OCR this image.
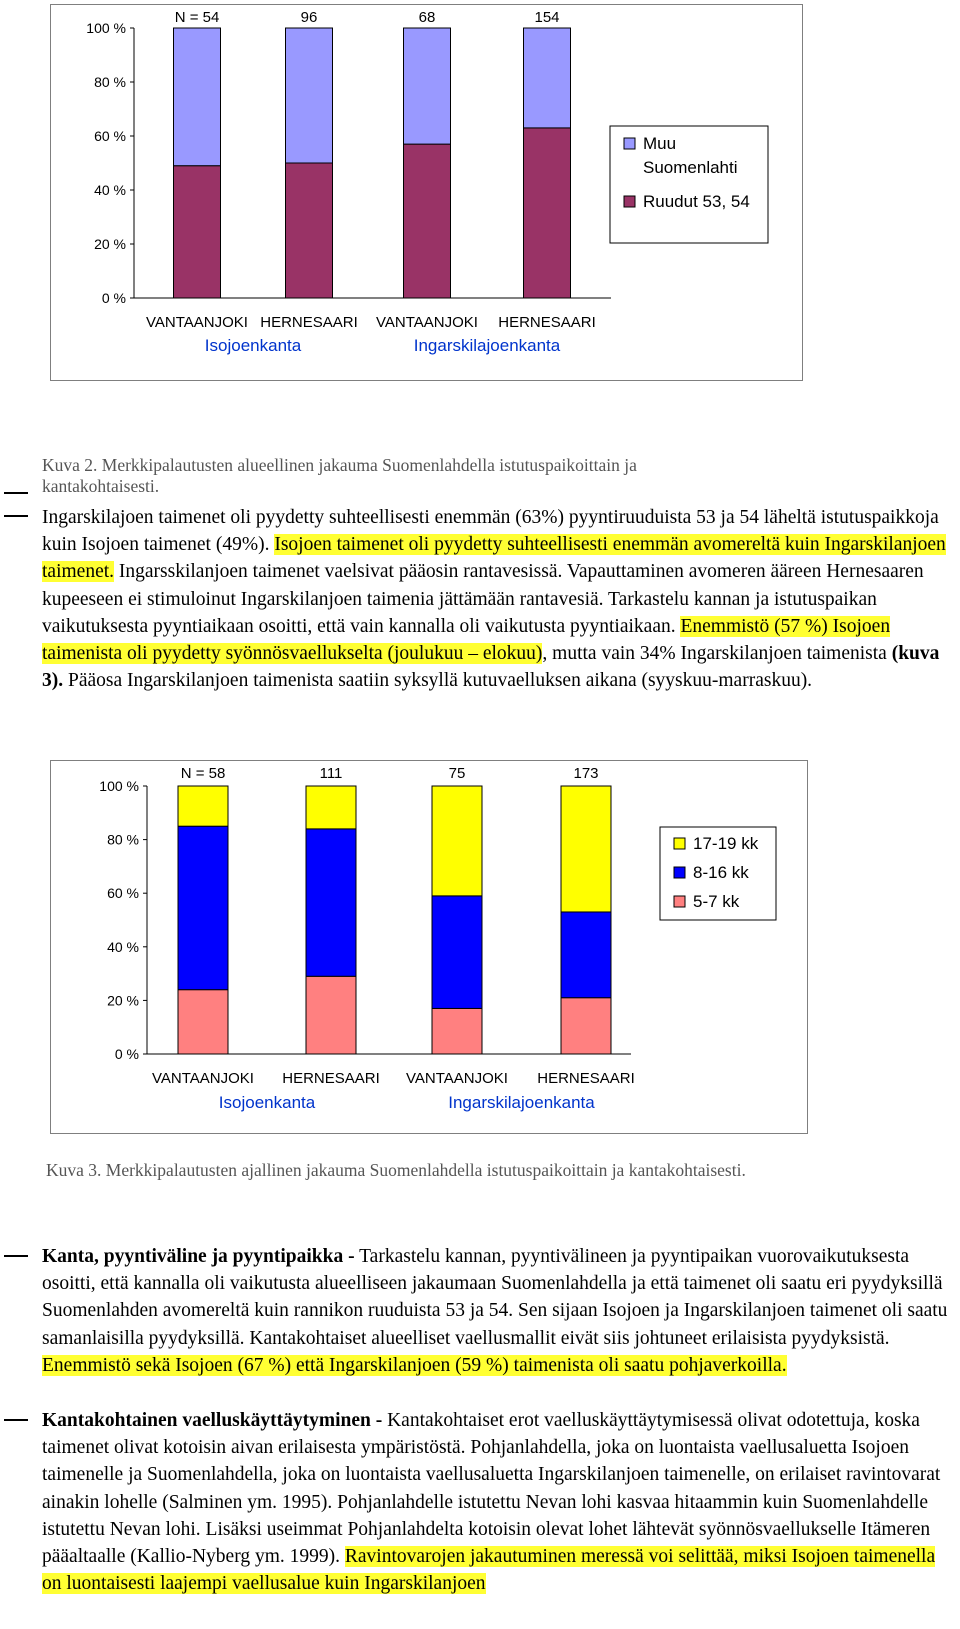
0 %
20 %
40 %
60 %
80 %
100 %
N = 54
VANTAANJOKI
96
HERNESAARI
68
VANTAANJOKI
154
HERNESAARI
Isojoenkanta	Ingarskilajoenkanta
Muu
Suomenlahti
Ruudut 53, 54
Kuva 2. Merkkipalautusten alueellinen jakauma Suomenlahdella istutuspaikoittain ja
kantakohtaisesti.
Ingarskilajoen taimenet oli pyydetty suhteellisesti enemmän (63%) pyyntiruuduista 53 ja 54 läheltä istutuspaikkoja kuin Isojoen taimenet (49%). Isojoen taimenet oli pyydetty suhteellisesti enemmän avomereltä kuin Ingarskilanjoen taimenet. Ingarsskilanjoen taimenet vaelsivat pääosin rantavesissä. Vapauttaminen avomeren ääreen Hernesaaren kupeeseen ei stimuloinut Ingarskilanjoen taimenia jättämään rantavesiä. Tarkastelu kannan ja istutuspaikan vaikutuksesta pyyntiaikaan osoitti, että vain kannalla oli vaikutusta pyyntiaikaan. Enemmistö (57 %) Isojoen taimenista oli pyydetty syönnösvaellukselta (joulukuu – elokuu), mutta vain 34% Ingarskilanjoen taimenista (kuva 3). Pääosa Ingarskilanjoen taimenista saatiin syksyllä kutuvaelluksen aikana (syyskuu-marraskuu).
0 %
20 %
40 %
60 %
80 %
100 %
N = 58
VANTAANJOKI
111
HERNESAARI
75
VANTAANJOKI
173
HERNESAARI
Isojoenkanta	Ingarskilajoenkanta
17-19 kk
8-16 kk
5-7 kk
Kuva 3. Merkkipalautusten ajallinen jakauma Suomenlahdella istutuspaikoittain ja kantakohtaisesti.
Kanta, pyyntiväline ja pyyntipaikka - Tarkastelu kannan, pyyntivälineen ja pyyntipaikan vuorovaikutuksesta osoitti, että kannalla oli vaikutusta alueelliseen jakaumaan Suomenlahdella ja että taimenet oli saatu eri pyydyksillä Suomenlahden avomereltä kuin rannikon ruuduista 53 ja 54. Sen sijaan Isojoen ja Ingarskilanjoen taimenet oli saatu samanlaisilla pyydyksillä. Kantakohtaiset alueelliset vaellusmallit eivät siis johtuneet erilaisista pyydyksistä. Enemmistö sekä Isojoen (67 %) että Ingarskilanjoen (59 %) taimenista oli saatu pohjaverkoilla.
Kantakohtainen vaelluskäyttäytyminen - Kantakohtaiset erot vaelluskäyttäytymisessä olivat odotettuja, koska taimenet olivat kotoisin aivan erilaisesta ympäristöstä. Pohjanlahdella, joka on luontaista vaellusaluetta Isojoen taimenelle ja Suomenlahdella, joka on luontaista vaellusaluetta Ingarskilanjoen taimenelle, on erilaiset ravintovarat ainakin lohelle (Salminen ym. 1995). Pohjanlahdelle istutettu Nevan lohi kasvaa hitaammin kuin Suomenlahdelle istutettu Nevan lohi. Lisäksi useimmat Pohjanlahdelta kotoisin olevat lohet lähtevät syönnösvaellukselle Itämeren pääaltaalle (Kallio-Nyberg ym. 1999). Ravintovarojen jakautuminen meressä voi selittää, miksi Isojoen taimenella on luontaisesti laajempi vaellusalue kuin Ingarskilanjoen
